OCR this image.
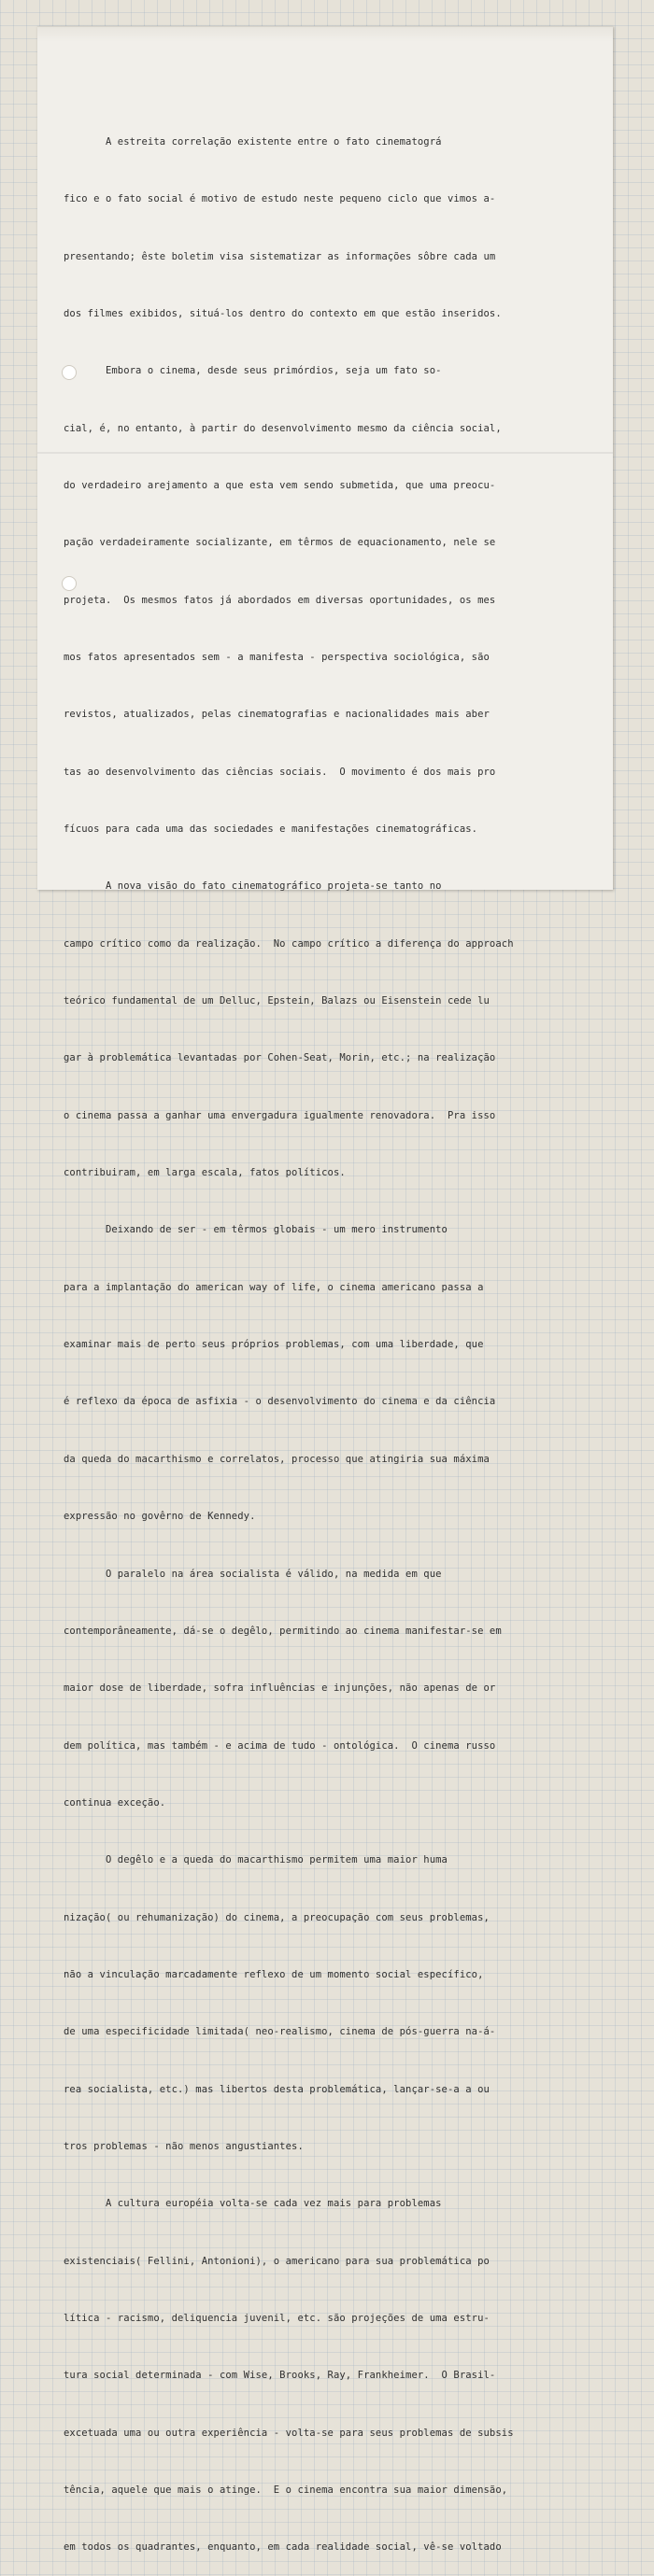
A estreita correlação existente entre o fato cinematográ

fico e o fato social é motivo de estudo neste pequeno ciclo que vimos a-

presentando; êste boletim visa sistematizar as informações sôbre cada um

dos filmes exibidos, situá-los dentro do contexto em que estão inseridos.

Embora o cinema, desde seus primórdios, seja um fato so-

cial, é, no entanto, à partir do desenvolvimento mesmo da ciência social,

do verdadeiro arejamento a que esta vem sendo submetida, que uma preocu-

pação verdadeiramente socializante, em têrmos de equacionamento, nele se

projeta.  Os mesmos fatos já abordados em diversas oportunidades, os mes

mos fatos apresentados sem - a manifesta - perspectiva sociológica, são

revistos, atualizados, pelas cinematografias e nacionalidades mais aber

tas ao desenvolvimento das ciências sociais.  O movimento é dos mais pro

fícuos para cada uma das sociedades e manifestações cinematográficas.

A nova visão do fato cinematográfico projeta-se tanto no

campo crítico como da realização.  No campo crítico a diferença do approach

teórico fundamental de um Delluc, Epstein, Balazs ou Eisenstein cede lu

gar à problemática levantadas por Cohen-Seat, Morin, etc.; na realização

o cinema passa a ganhar uma envergadura igualmente renovadora.  Pra isso

contribuiram, em larga escala, fatos políticos.

Deixando de ser - em têrmos globais - um mero instrumento

para a implantação do american way of life, o cinema americano passa a

examinar mais de perto seus próprios problemas, com uma liberdade, que

é reflexo da época de asfixia - o desenvolvimento do cinema e da ciência

da queda do macarthismo e correlatos, processo que atingiria sua máxima

expressão no govêrno de Kennedy.

O paralelo na área socialista é válido, na medida em que

contemporâneamente, dá-se o degêlo, permitindo ao cinema manifestar-se em

maior dose de liberdade, sofra influências e injunções, não apenas de or

dem política, mas também - e acima de tudo - ontológica.  O cinema russo

continua exceção.

O degêlo e a queda do macarthismo permitem uma maior huma

nização( ou rehumanização) do cinema, a preocupação com seus problemas,

não a vinculação marcadamente reflexo de um momento social específico,

de uma especificidade limitada( neo-realismo, cinema de pós-guerra na-á-

rea socialista, etc.) mas libertos desta problemática, lançar-se-a a ou

tros problemas - não menos angustiantes.

A cultura européia volta-se cada vez mais para problemas

existenciais( Fellini, Antonioni), o americano para sua problemática po

lítica - racismo, deliquencia juvenil, etc. são projeções de uma estru-

tura social determinada - com Wise, Brooks, Ray, Frankheimer.  O Brasil-

excetuada uma ou outra experiência - volta-se para seus problemas de subsis

tência, aquele que mais o atinge.  E o cinema encontra sua maior dimensão,

em todos os quadrantes, enquanto, em cada realidade social, vê-se voltado
